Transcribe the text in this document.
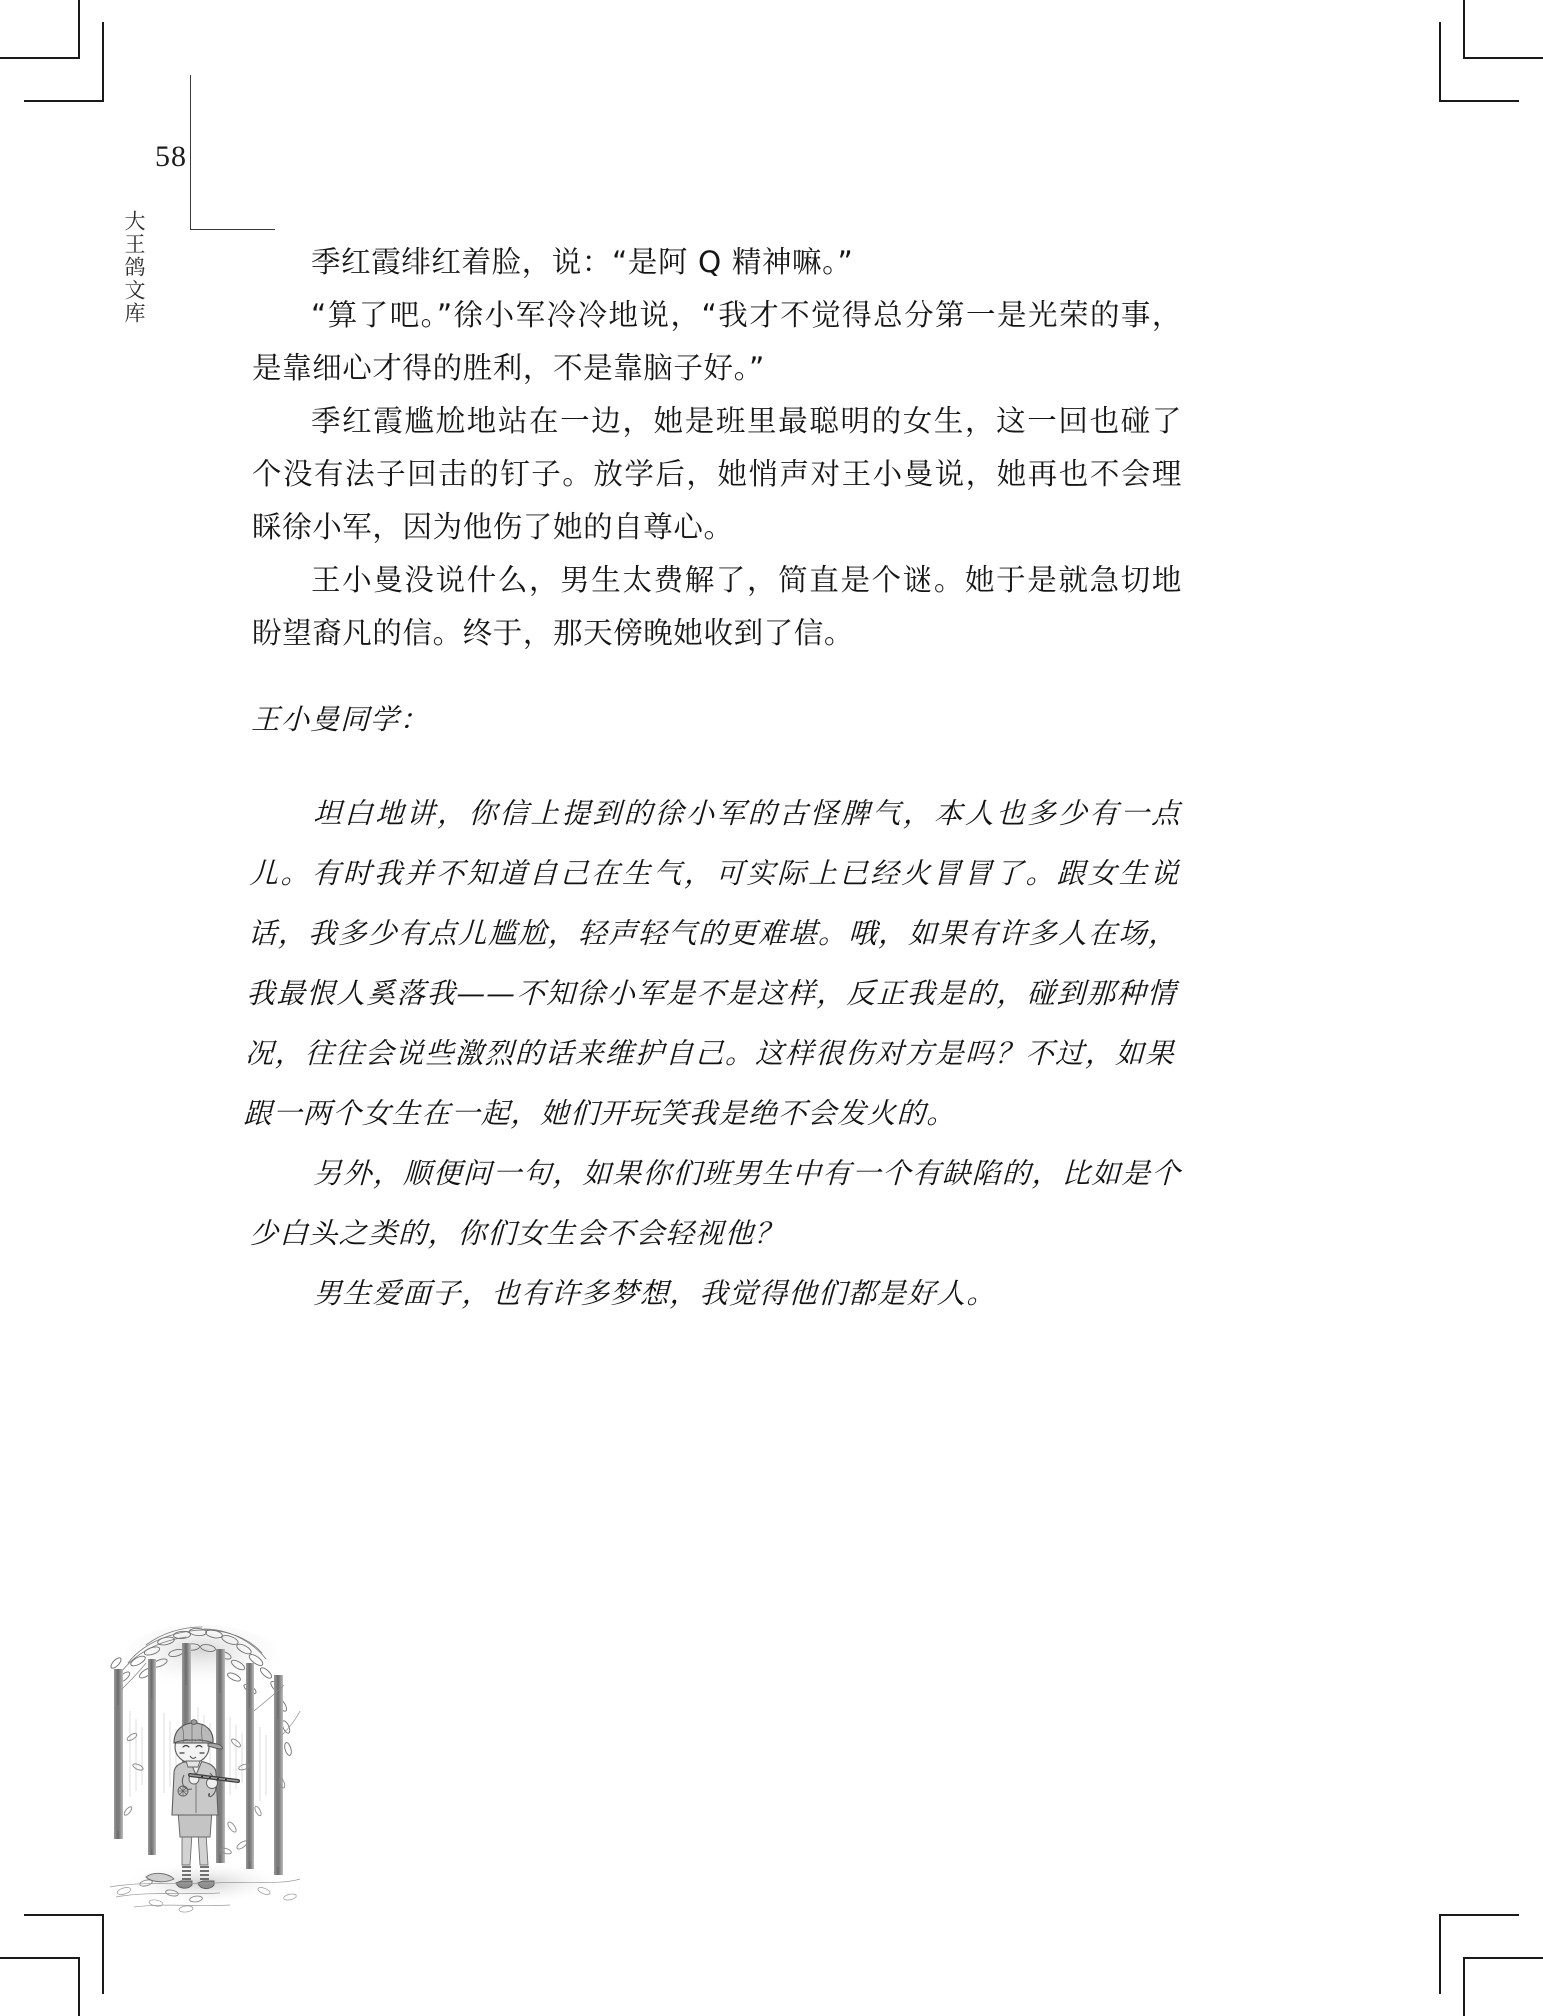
58
大王鸽文库	季红霞绯红着脸，说：“是阿 Q 精神嘛。”

“算了吧。”徐小军冷冷地说，“我才不觉得总分第一是光荣的事，是靠细心才得的胜利，不是靠脑子好。”

季红霞尴尬地站在一边，她是班里最聪明的女生，这一回也碰了个没有法子回击的钉子。放学后，她悄声对王小曼说，她再也不会理睬徐小军，因为他伤了她的自尊心。

王小曼没说什么，男生太费解了，简直是个谜。她于是就急切地盼望裔凡的信。终于，那天傍晚她收到了信。

王小曼同学：

坦白地讲，你信上提到的徐小军的古怪脾气，本人也多少有一点儿。有时我并不知道自己在生气，可实际上已经火冒冒了。跟女生说话，我多少有点儿尴尬，轻声轻气的更难堪。哦，如果有许多人在场，我最恨人奚落我——不知徐小军是不是这样，反正我是的，碰到那种情况，往往会说些激烈的话来维护自己。这样很伤对方是吗？不过，如果跟一两个女生在一起，她们开玩笑我是绝不会发火的。

另外，顺便问一句，如果你们班男生中有一个有缺陷的，比如是个少白头之类的，你们女生会不会轻视他？

男生爱面子，也有许多梦想，我觉得他们都是好人。
